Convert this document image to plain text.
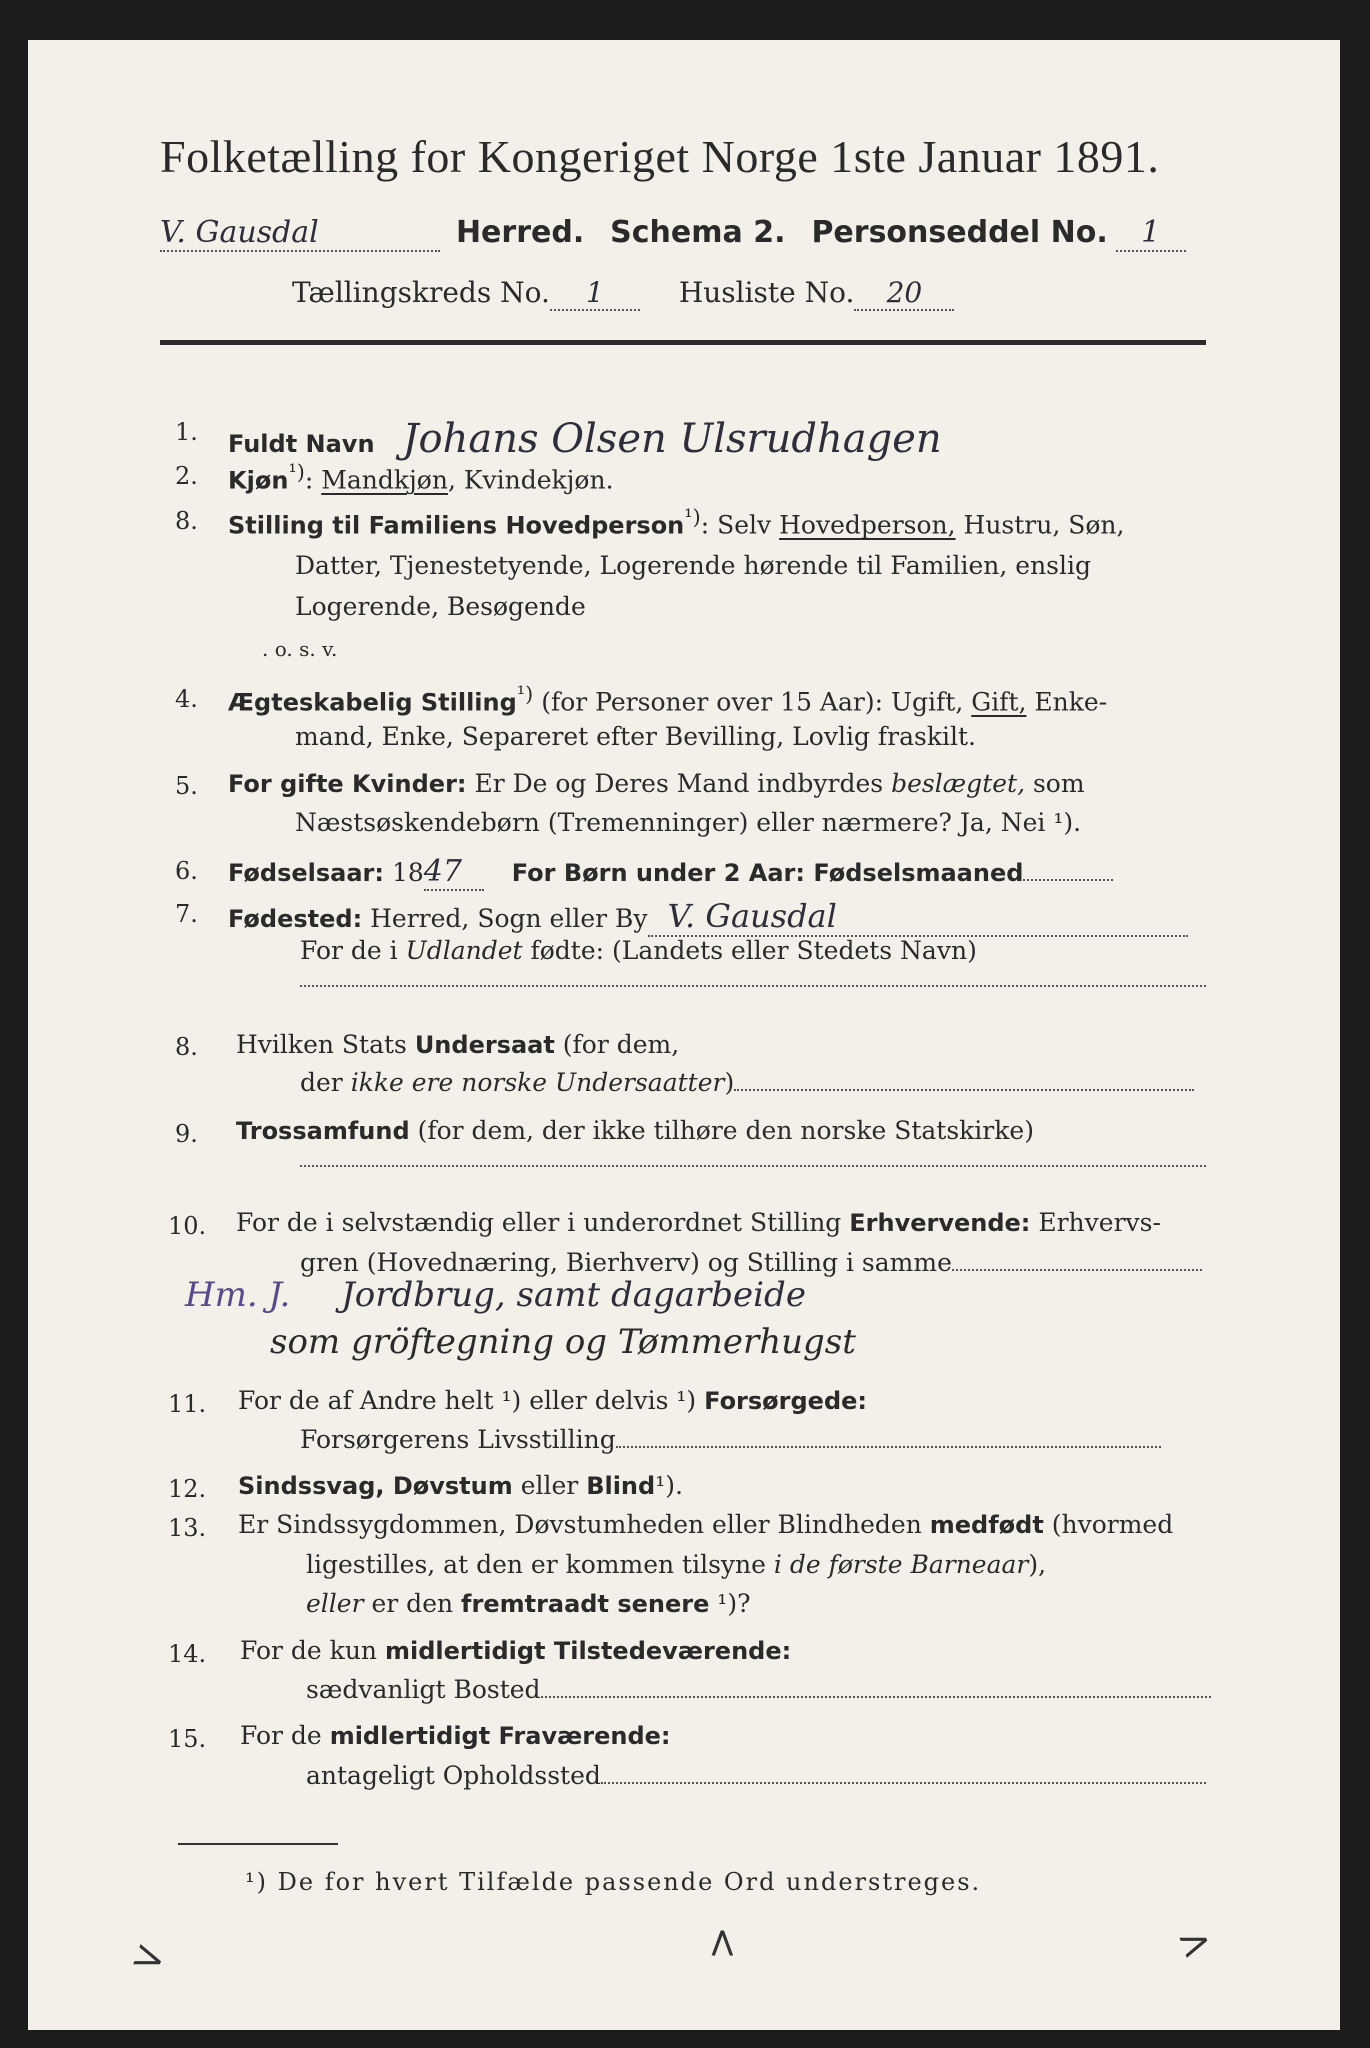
Folketælling for Kongeriget Norge 1ste Januar 1891.
V. Gausdal	Herred. Schema 2. Personseddel No. 1
Tællingskreds No. 1	Husliste No. 20
1. Fuldt Navn Johans Olsen Ulsrudhagen
2. Kjøn$^{^1)}$: Mandkjøn, Kvindekjøn.
8. Stilling til Familiens Hovedperson$^{^1)}$: Selv Hovedperson, Hustru, Søn,
Datter, Tjenestetyende, Logerende hørende til Familien, enslig
Logerende, Besøgende
. o. s. v.
4. Ægteskabelig Stilling$^{^1)}$ (for Personer over 15 Aar): Ugift, Gift, Enke-
mand, Enke, Separeret efter Bevilling, Lovlig fraskilt.
5. For gifte Kvinder: Er De og Deres Mand indbyrdes beslægtet, som
Næstsøskendebørn (Tremenninger) eller nærmere? Ja, Nei ¹).
6. Fødselsaar: 1847 For Børn under 2 Aar: Fødselsmaaned
7. Fødested: Herred, Sogn eller By V. Gausdal
For de i Udlandet fødte: (Landets eller Stedets Navn)
8. Hvilken Stats Undersaat (for dem,
der ikke ere norske Undersaatter)
9. Trossamfund (for dem, der ikke tilhøre den norske Statskirke)
10. For de i selvstændig eller i underordnet Stilling Erhvervende: Erhvervs-
gren (Hovednæring, Bierhverv) og Stilling i samme
Hm. J. Jordbrug, samt dagarbeide
som gröftegning og Tømmerhugst
11. For de af Andre helt ¹) eller delvis ¹) Forsørgede:
Forsørgerens Livsstilling
12. Sindssvag, Døvstum eller Blind¹).
13. Er Sindssygdommen, Døvstumheden eller Blindheden medfødt (hvormed
ligestilles, at den er kommen tilsyne i de første Barneaar),
eller er den fremtraadt senere ¹)?
14. For de kun midlertidigt Tilstedeværende:
sædvanligt Bosted
15. For de midlertidigt Fraværende:
antageligt Opholdssted
¹) De for hvert Tilfælde passende Ord understreges.
>	>	>
